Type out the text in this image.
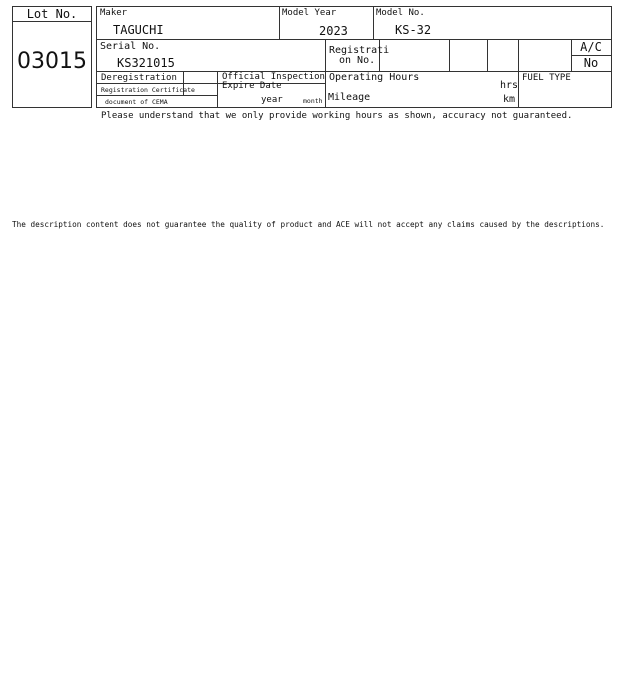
Lot No.
03015
Maker
TAGUCHI
Model Year
2023
Model No.
KS-32
Serial No.
KS321015
Registrati
on No.
A/C
No
Deregistration
Registration Certificate
document of CEMA
Official Inspection
Expire Date
year	month
Operating Hours
hrs
Mileage	km
FUEL TYPE
Please understand that we only provide working hours as shown, accuracy not guaranteed.
The description content does not guarantee the quality of product and ACE will not accept any claims caused by the descriptions.
